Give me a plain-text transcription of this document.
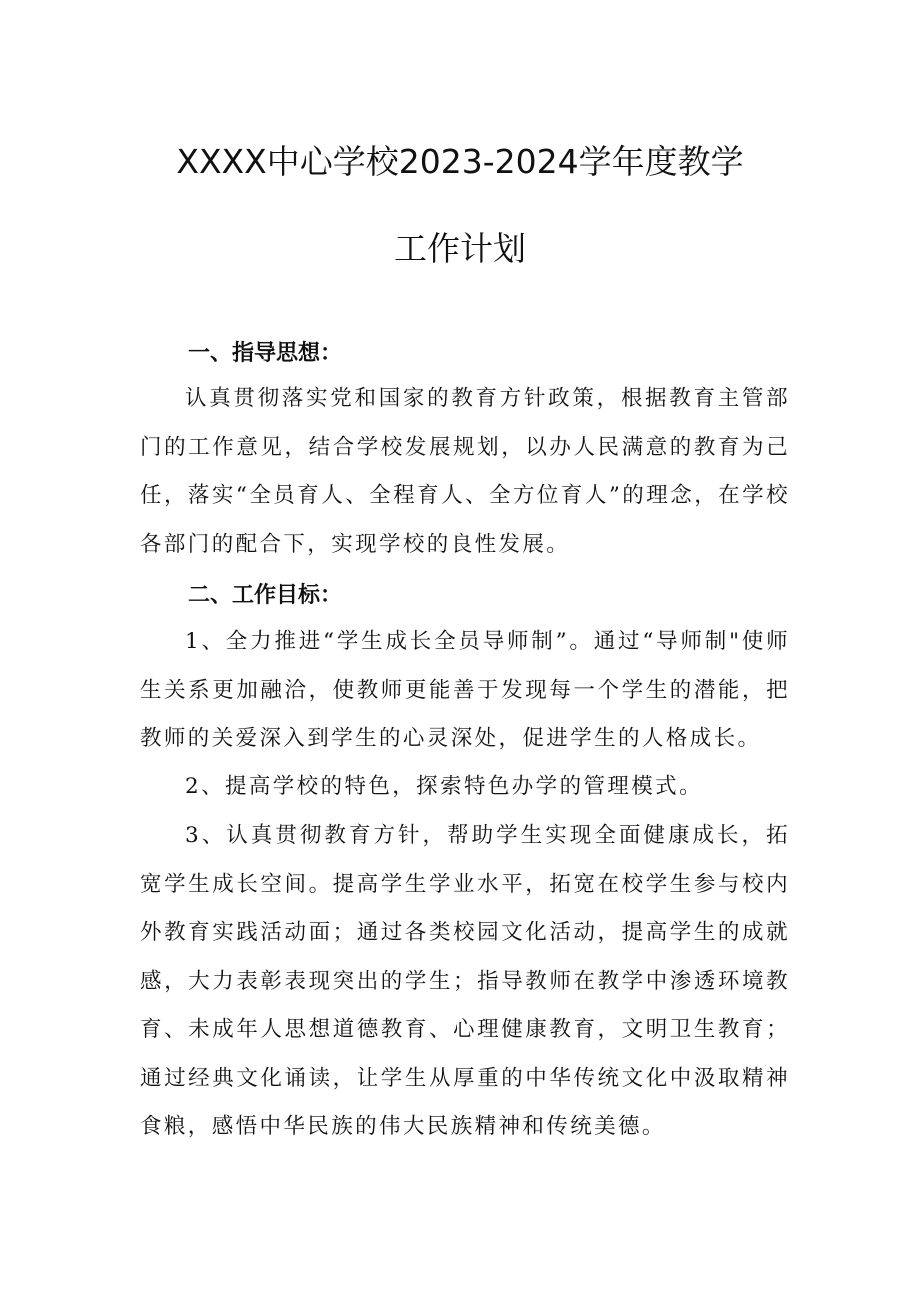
XXXX中心学校2023-2024学年度教学
工作计划
一、指导思想：

认真贯彻落实党和国家的教育方针政策，根据教育主管部门的工作意见，结合学校发展规划，以办人民满意的教育为己任，落实“全员育人、全程育人、全方位育人”的理念，在学校各部门的配合下，实现学校的良性发展。

二、工作目标：

1、全力推进“学生成长全员导师制”。通过“导师制"使师生关系更加融洽，使教师更能善于发现每一个学生的潜能，把教师的关爱深入到学生的心灵深处，促进学生的人格成长。

2、提高学校的特色，探索特色办学的管理模式。

3、认真贯彻教育方针，帮助学生实现全面健康成长，拓宽学生成长空间。提高学生学业水平，拓宽在校学生参与校内外教育实践活动面；通过各类校园文化活动，提高学生的成就感，大力表彰表现突出的学生；指导教师在教学中渗透环境教育、未成年人思想道德教育、心理健康教育，文明卫生教育；通过经典文化诵读，让学生从厚重的中华传统文化中汲取精神食粮，感悟中华民族的伟大民族精神和传统美德。
